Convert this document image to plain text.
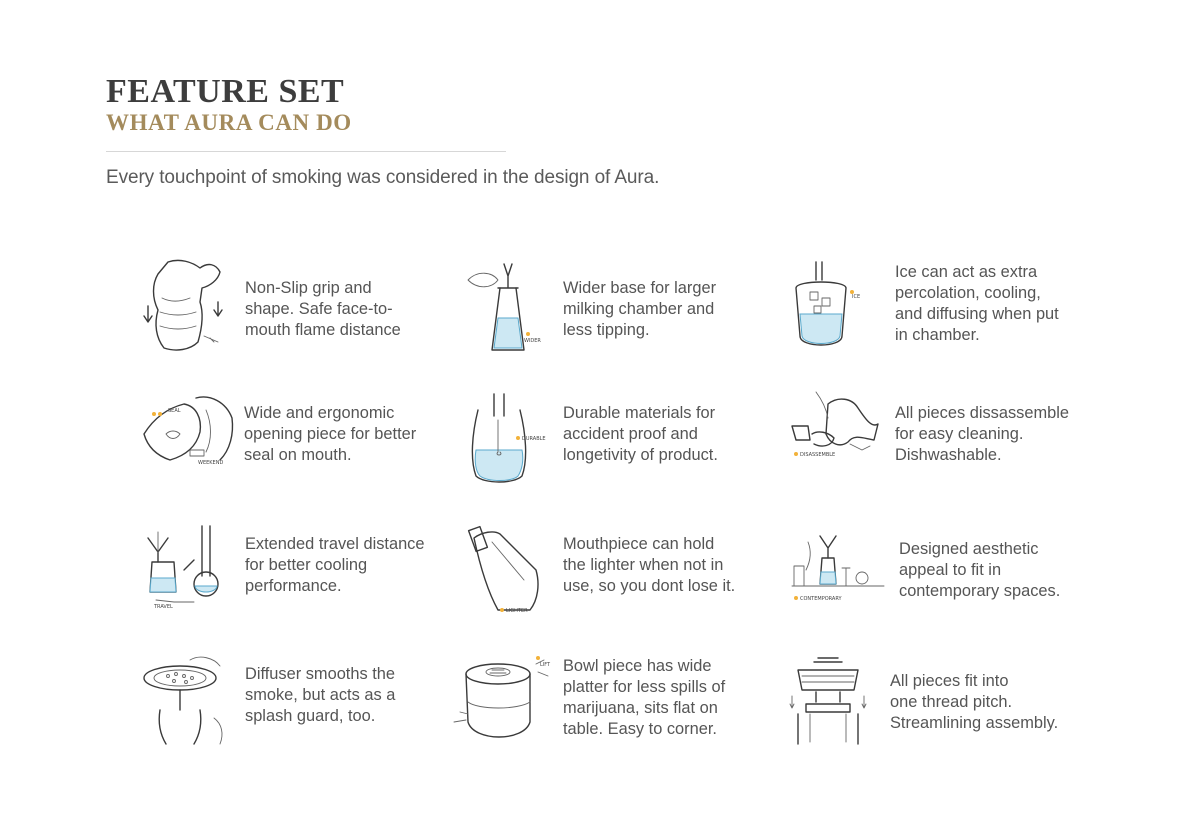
FEATURE SET
WHAT AURA CAN DO

Every touchpoint of smoking was considered in the design of Aura.

Non-Slip grip and
shape. Safe face-to-
mouth flame distance

WIDER

Wider base for larger
milking chamber and
less tipping.

ICE

Ice can act as extra
percolation, cooling,
and diffusing when put
in chamber.

SEAL
WEEKEND

Wide and ergonomic
opening piece for better
seal on mouth.

DURABLE

Durable materials for
accident proof and
longetivity of product.	DISASSEMBLE

All pieces dissassemble
for easy cleaning.
Dishwashable.

TRAVEL

Extended travel distance
for better cooling
performance.

LIGHTER

Mouthpiece can hold
the lighter when not in
use, so you dont lose it.

CONTEMPORARY

Designed aesthetic
appeal to fit in
contemporary spaces.

Diffuser smooths the
smoke, but acts as a
splash guard, too.

LIFT Bowl piece has wide
platter for less spills of
marijuana, sits flat on
table. Easy to corner.

All pieces fit into
one thread pitch.
Streamlining assembly.
